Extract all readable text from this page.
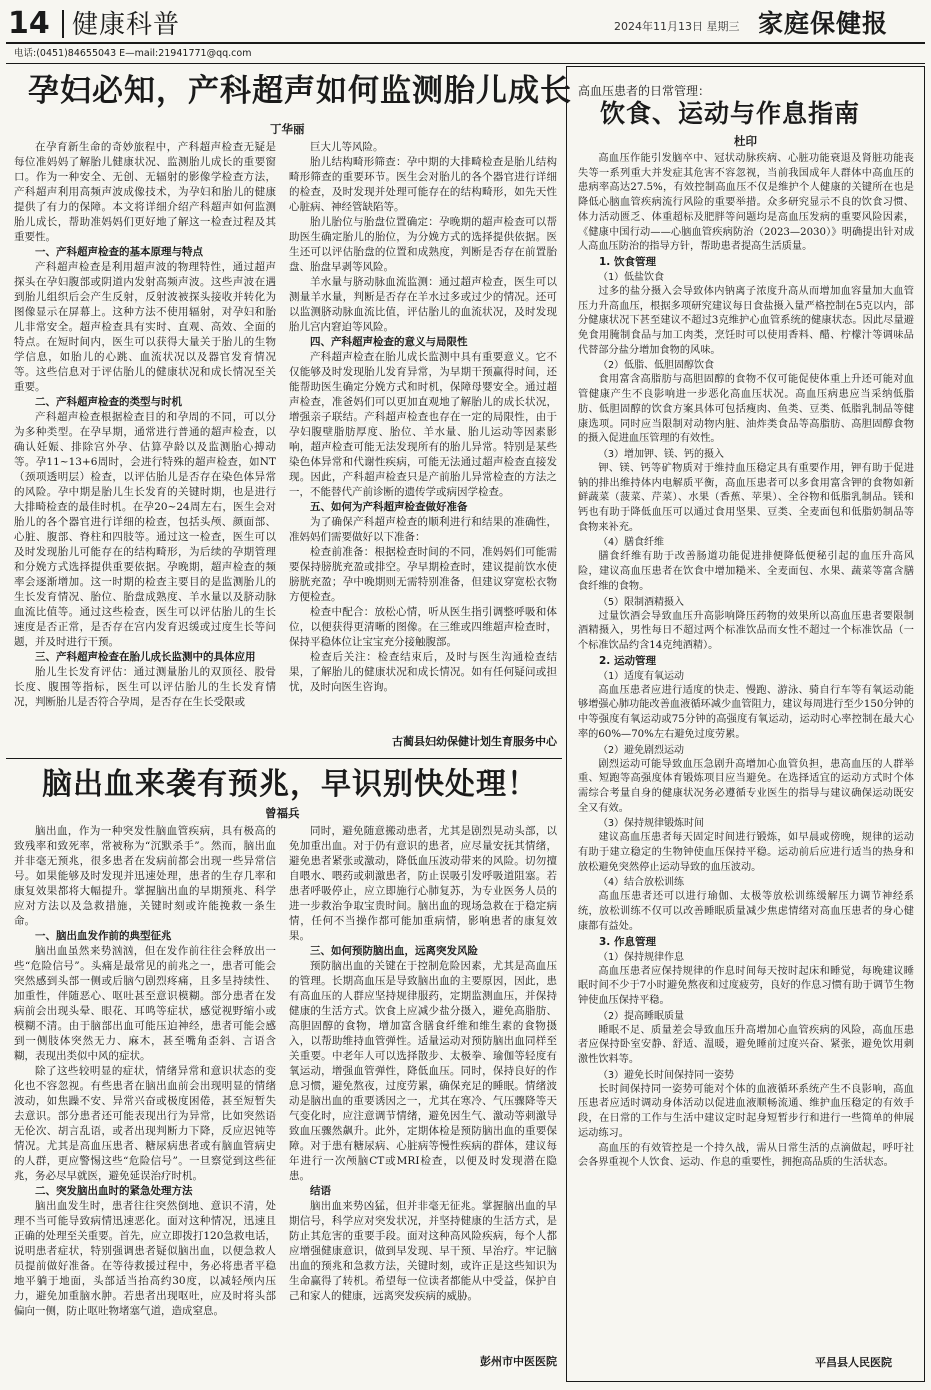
14 健康科普	2024年11月13日 星期三 家庭保健报
电话:(0451)84655043 E—mail:21941771@qq.com
孕妇必知，产科超声如何监测胎儿成长
丁华丽

在孕育新生命的奇妙旅程中，产科超声检查无疑是每位准妈妈了解胎儿健康状况、监测胎儿成长的重要窗口。作为一种安全、无创、无辐射的影像学检查方法，产科超声利用高频声波成像技术，为孕妇和胎儿的健康提供了有力的保障。本文将详细介绍产科超声如何监测胎儿成长，帮助准妈妈们更好地了解这一检查过程及其重要性。

一、产科超声检查的基本原理与特点

产科超声检查是利用超声波的物理特性，通过超声探头在孕妇腹部或阴道内发射高频声波。这些声波在遇到胎儿组织后会产生反射，反射波被探头接收并转化为图像显示在屏幕上。这种方法不使用辐射，对孕妇和胎儿非常安全。超声检查具有实时、直观、高效、全面的特点。在短时间内，医生可以获得大量关于胎儿的生物学信息，如胎儿的心跳、血流状况以及器官发育情况等。这些信息对于评估胎儿的健康状况和成长情况至关重要。

二、产科超声检查的类型与时机

产科超声检查根据检查目的和孕周的不同，可以分为多种类型。在孕早期，通常进行普通的超声检查，以确认妊娠、排除宫外孕、估算孕龄以及监测胎心搏动等。孕11~13+6周时，会进行特殊的超声检查，如NT（颈项透明层）检查，以评估胎儿是否存在染色体异常的风险。孕中期是胎儿生长发育的关键时期，也是进行大排畸检查的最佳时机。在孕20~24周左右，医生会对胎儿的各个器官进行详细的检查，包括头颅、颜面部、心脏、腹部、脊柱和四肢等。通过这一检查，医生可以及时发现胎儿可能存在的结构畸形，为后续的孕期管理和分娩方式选择提供重要依据。孕晚期，超声检查的频率会逐渐增加。这一时期的检查主要目的是监测胎儿的生长发育情况、胎位、胎盘成熟度、羊水量以及脐动脉血流比值等。通过这些检查，医生可以评估胎儿的生长速度是否正常，是否存在宫内发育迟缓或过度生长等问题，并及时进行干预。

三、产科超声检查在胎儿成长监测中的具体应用

胎儿生长发育评估：通过测量胎儿的双顶径、股骨长度、腹围等指标，医生可以评估胎儿的生长发育情况，判断胎儿是否符合孕周，是否存在生长受限或

巨大儿等风险。

胎儿结构畸形筛查：孕中期的大排畸检查是胎儿结构畸形筛查的重要环节。医生会对胎儿的各个器官进行详细的检查，及时发现并处理可能存在的结构畸形，如先天性心脏病、神经管缺陷等。

胎儿胎位与胎盘位置确定：孕晚期的超声检查可以帮助医生确定胎儿的胎位，为分娩方式的选择提供依据。医生还可以评估胎盘的位置和成熟度，判断是否存在前置胎盘、胎盘早剥等风险。

羊水量与脐动脉血流监测：通过超声检查，医生可以测量羊水量，判断是否存在羊水过多或过少的情况。还可以监测脐动脉血流比值，评估胎儿的血流状况，及时发现胎儿宫内窘迫等风险。

四、产科超声检查的意义与局限性

产科超声检查在胎儿成长监测中具有重要意义。它不仅能够及时发现胎儿发育异常，为早期干预赢得时间，还能帮助医生确定分娩方式和时机，保障母婴安全。通过超声检查，准爸妈们可以更加直观地了解胎儿的成长状况，增强亲子联结。产科超声检查也存在一定的局限性，由于孕妇腹壁脂肪厚度、胎位、羊水量、胎儿运动等因素影响，超声检查可能无法发现所有的胎儿异常。特别是某些染色体异常和代谢性疾病，可能无法通过超声检查直接发现。因此，产科超声检查只是产前胎儿异常检查的方法之一，不能替代产前诊断的遗传学或病因学检查。

五、如何为产科超声检查做好准备

为了确保产科超声检查的顺利进行和结果的准确性，准妈妈们需要做好以下准备：

检查前准备：根据检查时间的不同，准妈妈们可能需要保持膀胱充盈或排空。孕早期检查时，建议提前饮水使膀胱充盈；孕中晚期则无需特别准备，但建议穿宽松衣物方便检查。

检查中配合：放松心情，听从医生指引调整呼吸和体位，以便获得更清晰的图像。在三维或四维超声检查时，保持平稳体位让宝宝充分接触腹部。

检查后关注：检查结束后，及时与医生沟通检查结果，了解胎儿的健康状况和成长情况。如有任何疑问或担忧，及时向医生咨询。

古蔺县妇幼保健计划生育服务中心
脑出血来袭有预兆，早识别快处理！
曾福兵

脑出血，作为一种突发性脑血管疾病，具有极高的致残率和致死率，常被称为“沉默杀手”。然而，脑出血并非毫无预兆，很多患者在发病前都会出现一些异常信号。如果能够及时发现并迅速处理，患者的生存几率和康复效果都将大幅提升。掌握脑出血的早期预兆、科学应对方法以及急救措施，关键时刻或许能挽救一条生命。

一、脑出血发作前的典型征兆

脑出血虽然来势汹汹，但在发作前往往会释放出一些“危险信号”。头痛是最常见的前兆之一，患者可能会突然感到头部一侧或后脑勺剧烈疼痛，且多呈持续性、加重性，伴随恶心、呕吐甚至意识模糊。部分患者在发病前会出现头晕、眼花、耳鸣等症状，感觉视野缩小或模糊不清。由于脑部出血可能压迫神经，患者可能会感到一侧肢体突然无力、麻木，甚至嘴角歪斜、言语含糊，表现出类似中风的症状。

除了这些较明显的症状，情绪异常和意识状态的变化也不容忽视。有些患者在脑出血前会出现明显的情绪波动，如焦躁不安、异常兴奋或极度困倦，甚至短暂失去意识。部分患者还可能表现出行为异常，比如突然语无伦次、胡言乱语，或者出现判断力下降，反应迟钝等情况。尤其是高血压患者、糖尿病患者或有脑血管病史的人群，更应警惕这些“危险信号”。一旦察觉到这些征兆，务必尽早就医，避免延误治疗时机。

二、突发脑出血时的紧急处理方法

脑出血发生时，患者往往突然倒地、意识不清，处理不当可能导致病情迅速恶化。面对这种情况，迅速且正确的处理至关重要。首先，应立即拨打120急救电话，说明患者症状，特别强调患者疑似脑出血，以便急救人员提前做好准备。在等待救援过程中，务必将患者平稳地平躺于地面，头部适当抬高约30度，以减轻颅内压力，避免加重脑水肿。若患者出现呕吐，应及时将头部偏向一侧，防止呕吐物堵塞气道，造成窒息。

同时，避免随意搬动患者，尤其是剧烈晃动头部，以免加重出血。对于仍有意识的患者，应尽量安抚其情绪，避免患者紧张或激动，降低血压波动带来的风险。切勿擅自喂水、喂药或刺激患者，防止误吸引发呼吸道阻塞。若患者呼吸停止，应立即施行心肺复苏，为专业医务人员的进一步救治争取宝贵时间。脑出血的现场急救在于稳定病情，任何不当操作都可能加重病情，影响患者的康复效果。

三、如何预防脑出血，远离突发风险

预防脑出血的关键在于控制危险因素，尤其是高血压的管理。长期高血压是导致脑出血的主要原因，因此，患有高血压的人群应坚持规律服药，定期监测血压，并保持健康的生活方式。饮食上应减少盐分摄入，避免高脂肪、高胆固醇的食物，增加富含膳食纤维和维生素的食物摄入，以帮助维持血管弹性。适量运动对预防脑出血同样至关重要。中老年人可以选择散步、太极拳、瑜伽等轻度有氧运动，增强血管弹性，降低血压。同时，保持良好的作息习惯，避免熬夜，过度劳累，确保充足的睡眠。情绪波动是脑出血的重要诱因之一，尤其在寒冷、气压骤降等天气变化时，应注意调节情绪，避免因生气、激动等刺激导致血压骤然飙升。此外，定期体检是预防脑出血的重要保障。对于患有糖尿病、心脏病等慢性疾病的群体，建议每年进行一次颅脑CT或MRI检查，以便及时发现潜在隐患。

结语

脑出血来势凶猛，但并非毫无征兆。掌握脑出血的早期信号，科学应对突发状况，并坚持健康的生活方式，是防止其危害的重要手段。面对这种高风险疾病，每个人都应增强健康意识，做到早发现、早干预、早治疗。牢记脑出血的预兆和急救方法，关键时刻，或许正是这些知识为生命赢得了转机。希望每一位读者都能从中受益，保护自己和家人的健康，远离突发疾病的威胁。

彭州市中医医院
高血压患者的日常管理：
饮食、运动与作息指南
杜印

高血压作能引发脑卒中、冠状动脉疾病、心脏功能衰退及肾脏功能丧失等一系列重大并发症其危害不容忽视，当前我国成年人群体中高血压的患病率高达27.5%，有效控制高血压不仅是维护个人健康的关键所在也是降低心脑血管疾病流行风险的重要举措。众多研究显示不良的饮食习惯、体力活动匮乏、体重超标及肥胖等问题均是高血压发病的重要风险因素，《健康中国行动——心脑血管疾病防治（2023—2030）》明确提出针对成人高血压防治的指导方针，帮助患者提高生活质量。

1. 饮食管理
（1）低盐饮食

过多的盐分摄入会导致体内钠离子浓度升高从而增加血容量加大血管压力升高血压，根据多项研究建议每日食盐摄入量严格控制在5克以内，部分健康状况下甚至建议不超过3克维护心血管系统的健康状态。因此尽量避免食用腌制食品与加工肉类，烹饪时可以使用香料、醋、柠檬汁等调味品代替部分盐分增加食物的风味。

（2）低脂、低胆固醇饮食

食用富含高脂肪与高胆固醇的食物不仅可能促使体重上升还可能对血管健康产生不良影响进一步恶化高血压状况。高血压病患应当采纳低脂肪、低胆固醇的饮食方案具体可包括瘦肉、鱼类、豆类、低脂乳制品等健康选项。同时应当限制对动物内脏、油炸类食品等高脂肪、高胆固醇食物的摄入促进血压管理的有效性。

（3）增加钾、镁、钙的摄入

钾、镁、钙等矿物质对于维持血压稳定具有重要作用，钾有助于促进钠的排出维持体内电解质平衡，高血压患者可以多食用富含钾的食物如新鲜蔬菜（菠菜、芹菜）、水果（香蕉、苹果）、全谷物和低脂乳制品。镁和钙也有助于降低血压可以通过食用坚果、豆类、全麦面包和低脂奶制品等食物来补充。

（4）膳食纤维

膳食纤维有助于改善肠道功能促进排便降低便秘引起的血压升高风险，建议高血压患者在饮食中增加糙米、全麦面包、水果、蔬菜等富含膳食纤维的食物。

（5）限制酒精摄入

过量饮酒会导致血压升高影响降压药物的效果所以高血压患者要限制酒精摄入，男性每日不超过两个标准饮品而女性不超过一个标准饮品（一个标准饮品约含14克纯酒精）。

2. 运动管理
（1）适度有氧运动

高血压患者应进行适度的快走、慢跑、游泳、骑自行车等有氧运动能够增强心肺功能改善血液循环减少血管阻力，建议每周进行至少150分钟的中等强度有氧运动或75分钟的高强度有氧运动，运动时心率控制在最大心率的60%—70%左右避免过度劳累。

（2）避免剧烈运动

剧烈运动可能导致血压急剧升高增加心血管负担，患高血压的人群举重、短跑等高强度体育锻炼项目应当避免。在选择适宜的运动方式时个体需综合考量自身的健康状况务必遵循专业医生的指导与建议确保运动既安全又有效。

（3）保持规律锻炼时间

建议高血压患者每天固定时间进行锻炼，如早晨或傍晚，规律的运动有助于建立稳定的生物钟使血压保持平稳。运动前后应进行适当的热身和放松避免突然停止运动导致的血压波动。

（4）结合放松训练

高血压患者还可以进行瑜伽、太极等放松训练缓解压力调节神经系统，放松训练不仅可以改善睡眠质量减少焦虑情绪对高血压患者的身心健康都有益处。

3. 作息管理
（1）保持规律作息

高血压患者应保持规律的作息时间每天按时起床和睡觉，每晚建议睡眠时间不少于7小时避免熬夜和过度疲劳，良好的作息习惯有助于调节生物钟使血压保持平稳。

（2）提高睡眠质量

睡眠不足、质量差会导致血压升高增加心血管疾病的风险，高血压患者应保持卧室安静、舒适、温暖，避免睡前过度兴奋、紧张，避免饮用刺激性饮料等。

（3）避免长时间保持同一姿势

长时间保持同一姿势可能对个体的血液循环系统产生不良影响，高血压患者应适时调动身体活动以促进血液顺畅流通、维护血压稳定的有效手段，在日常的工作与生活中建议定时起身短暂步行和进行一些简单的伸展运动练习。

高血压的有效管控是一个持久战，需从日常生活的点滴做起，呼吁社会各界重视个人饮食、运动、作息的重要性，拥抱高品质的生活状态。

平昌县人民医院
